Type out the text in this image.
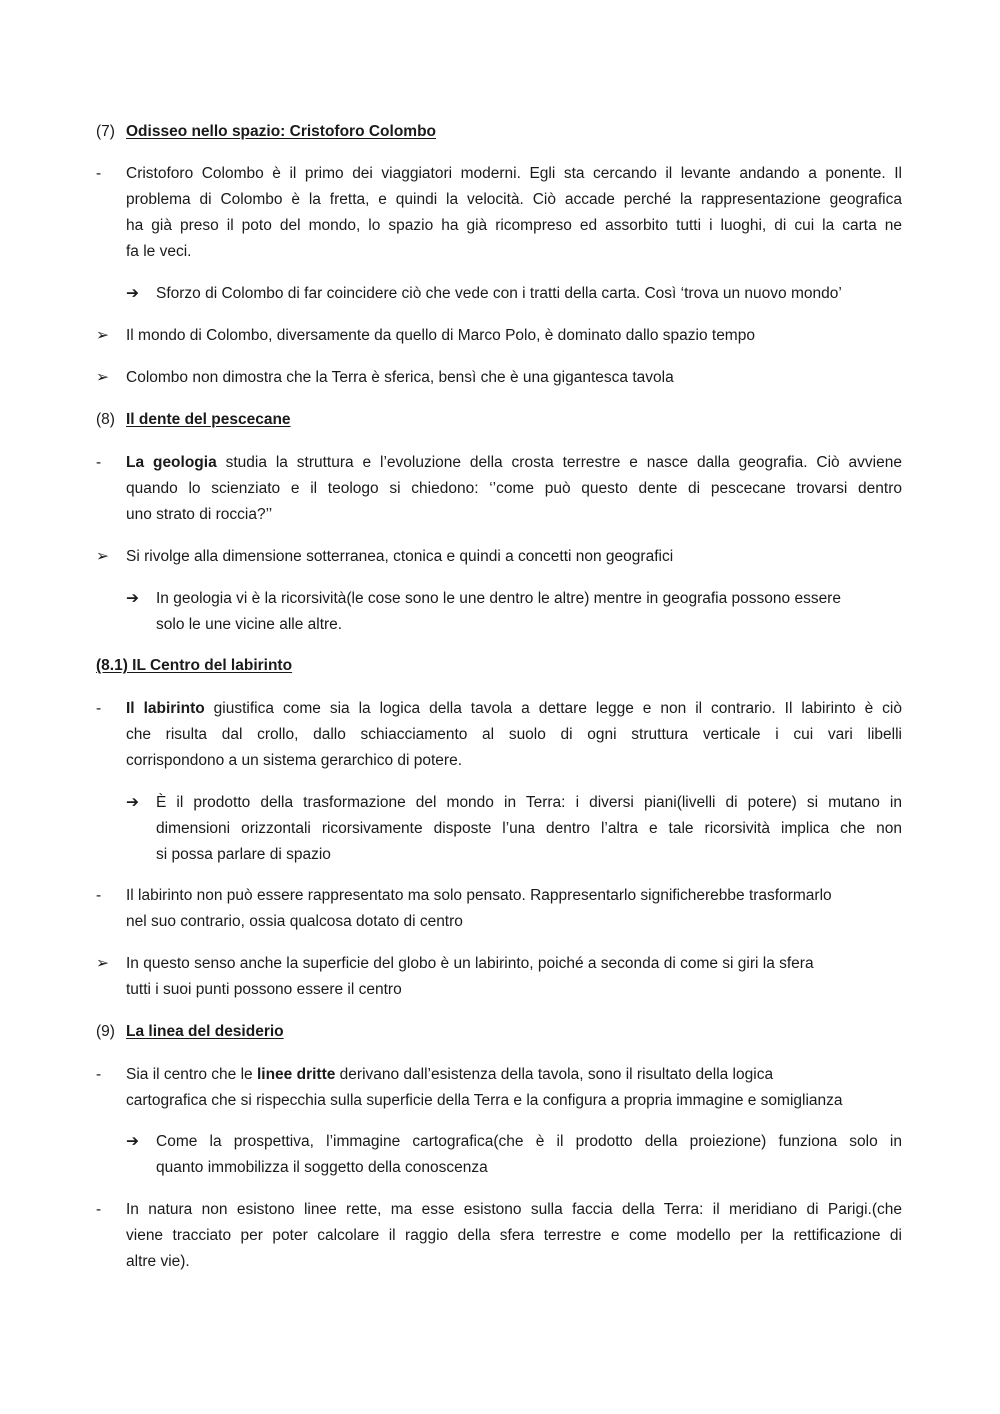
(7) Odisseo nello spazio: Cristoforo Colombo
- Cristoforo Colombo è il primo dei viaggiatori moderni. Egli sta cercando il levante andando a ponente. Il
problema di Colombo è la fretta, e quindi la velocità. Ciò accade perché la rappresentazione geografica
ha già preso il poto del mondo, lo spazio ha già ricompreso ed assorbito tutti i luoghi, di cui la carta ne
fa le veci.
➔ Sforzo di Colombo di far coincidere ciò che vede con i tratti della carta. Così ‘trova un nuovo mondo’
➢ Il mondo di Colombo, diversamente da quello di Marco Polo, è dominato dallo spazio tempo
➢ Colombo non dimostra che la Terra è sferica, bensì che è una gigantesca tavola
(8) Il dente del pescecane
- La geologia studia la struttura e l’evoluzione della crosta terrestre e nasce dalla geografia. Ciò avviene
quando lo scienziato e il teologo si chiedono: ‘’come può questo dente di pescecane trovarsi dentro
uno strato di roccia?’’
➢ Si rivolge alla dimensione sotterranea, ctonica e quindi a concetti non geografici
➔ In geologia vi è la ricorsività(le cose sono le une dentro le altre) mentre in geografia possono essere
solo le une vicine alle altre.
(8.1) IL Centro del labirinto
- Il labirinto giustifica come sia la logica della tavola a dettare legge e non il contrario. Il labirinto è ciò
che risulta dal crollo, dallo schiacciamento al suolo di ogni struttura verticale i cui vari libelli
corrispondono a un sistema gerarchico di potere.
➔ È il prodotto della trasformazione del mondo in Terra: i diversi piani(livelli di potere) si mutano in
dimensioni orizzontali ricorsivamente disposte l’una dentro l’altra e tale ricorsività implica che non
si possa parlare di spazio
- Il labirinto non può essere rappresentato ma solo pensato. Rappresentarlo significherebbe trasformarlo
nel suo contrario, ossia qualcosa dotato di centro
➢ In questo senso anche la superficie del globo è un labirinto, poiché a seconda di come si giri la sfera
tutti i suoi punti possono essere il centro
(9) La linea del desiderio
- Sia il centro che le linee dritte derivano dall’esistenza della tavola, sono il risultato della logica
cartografica che si rispecchia sulla superficie della Terra e la configura a propria immagine e somiglianza
➔ Come la prospettiva, l’immagine cartografica(che è il prodotto della proiezione) funziona solo in
quanto immobilizza il soggetto della conoscenza
- In natura non esistono linee rette, ma esse esistono sulla faccia della Terra: il meridiano di Parigi.(che
viene tracciato per poter calcolare il raggio della sfera terrestre e come modello per la rettificazione di
altre vie).
